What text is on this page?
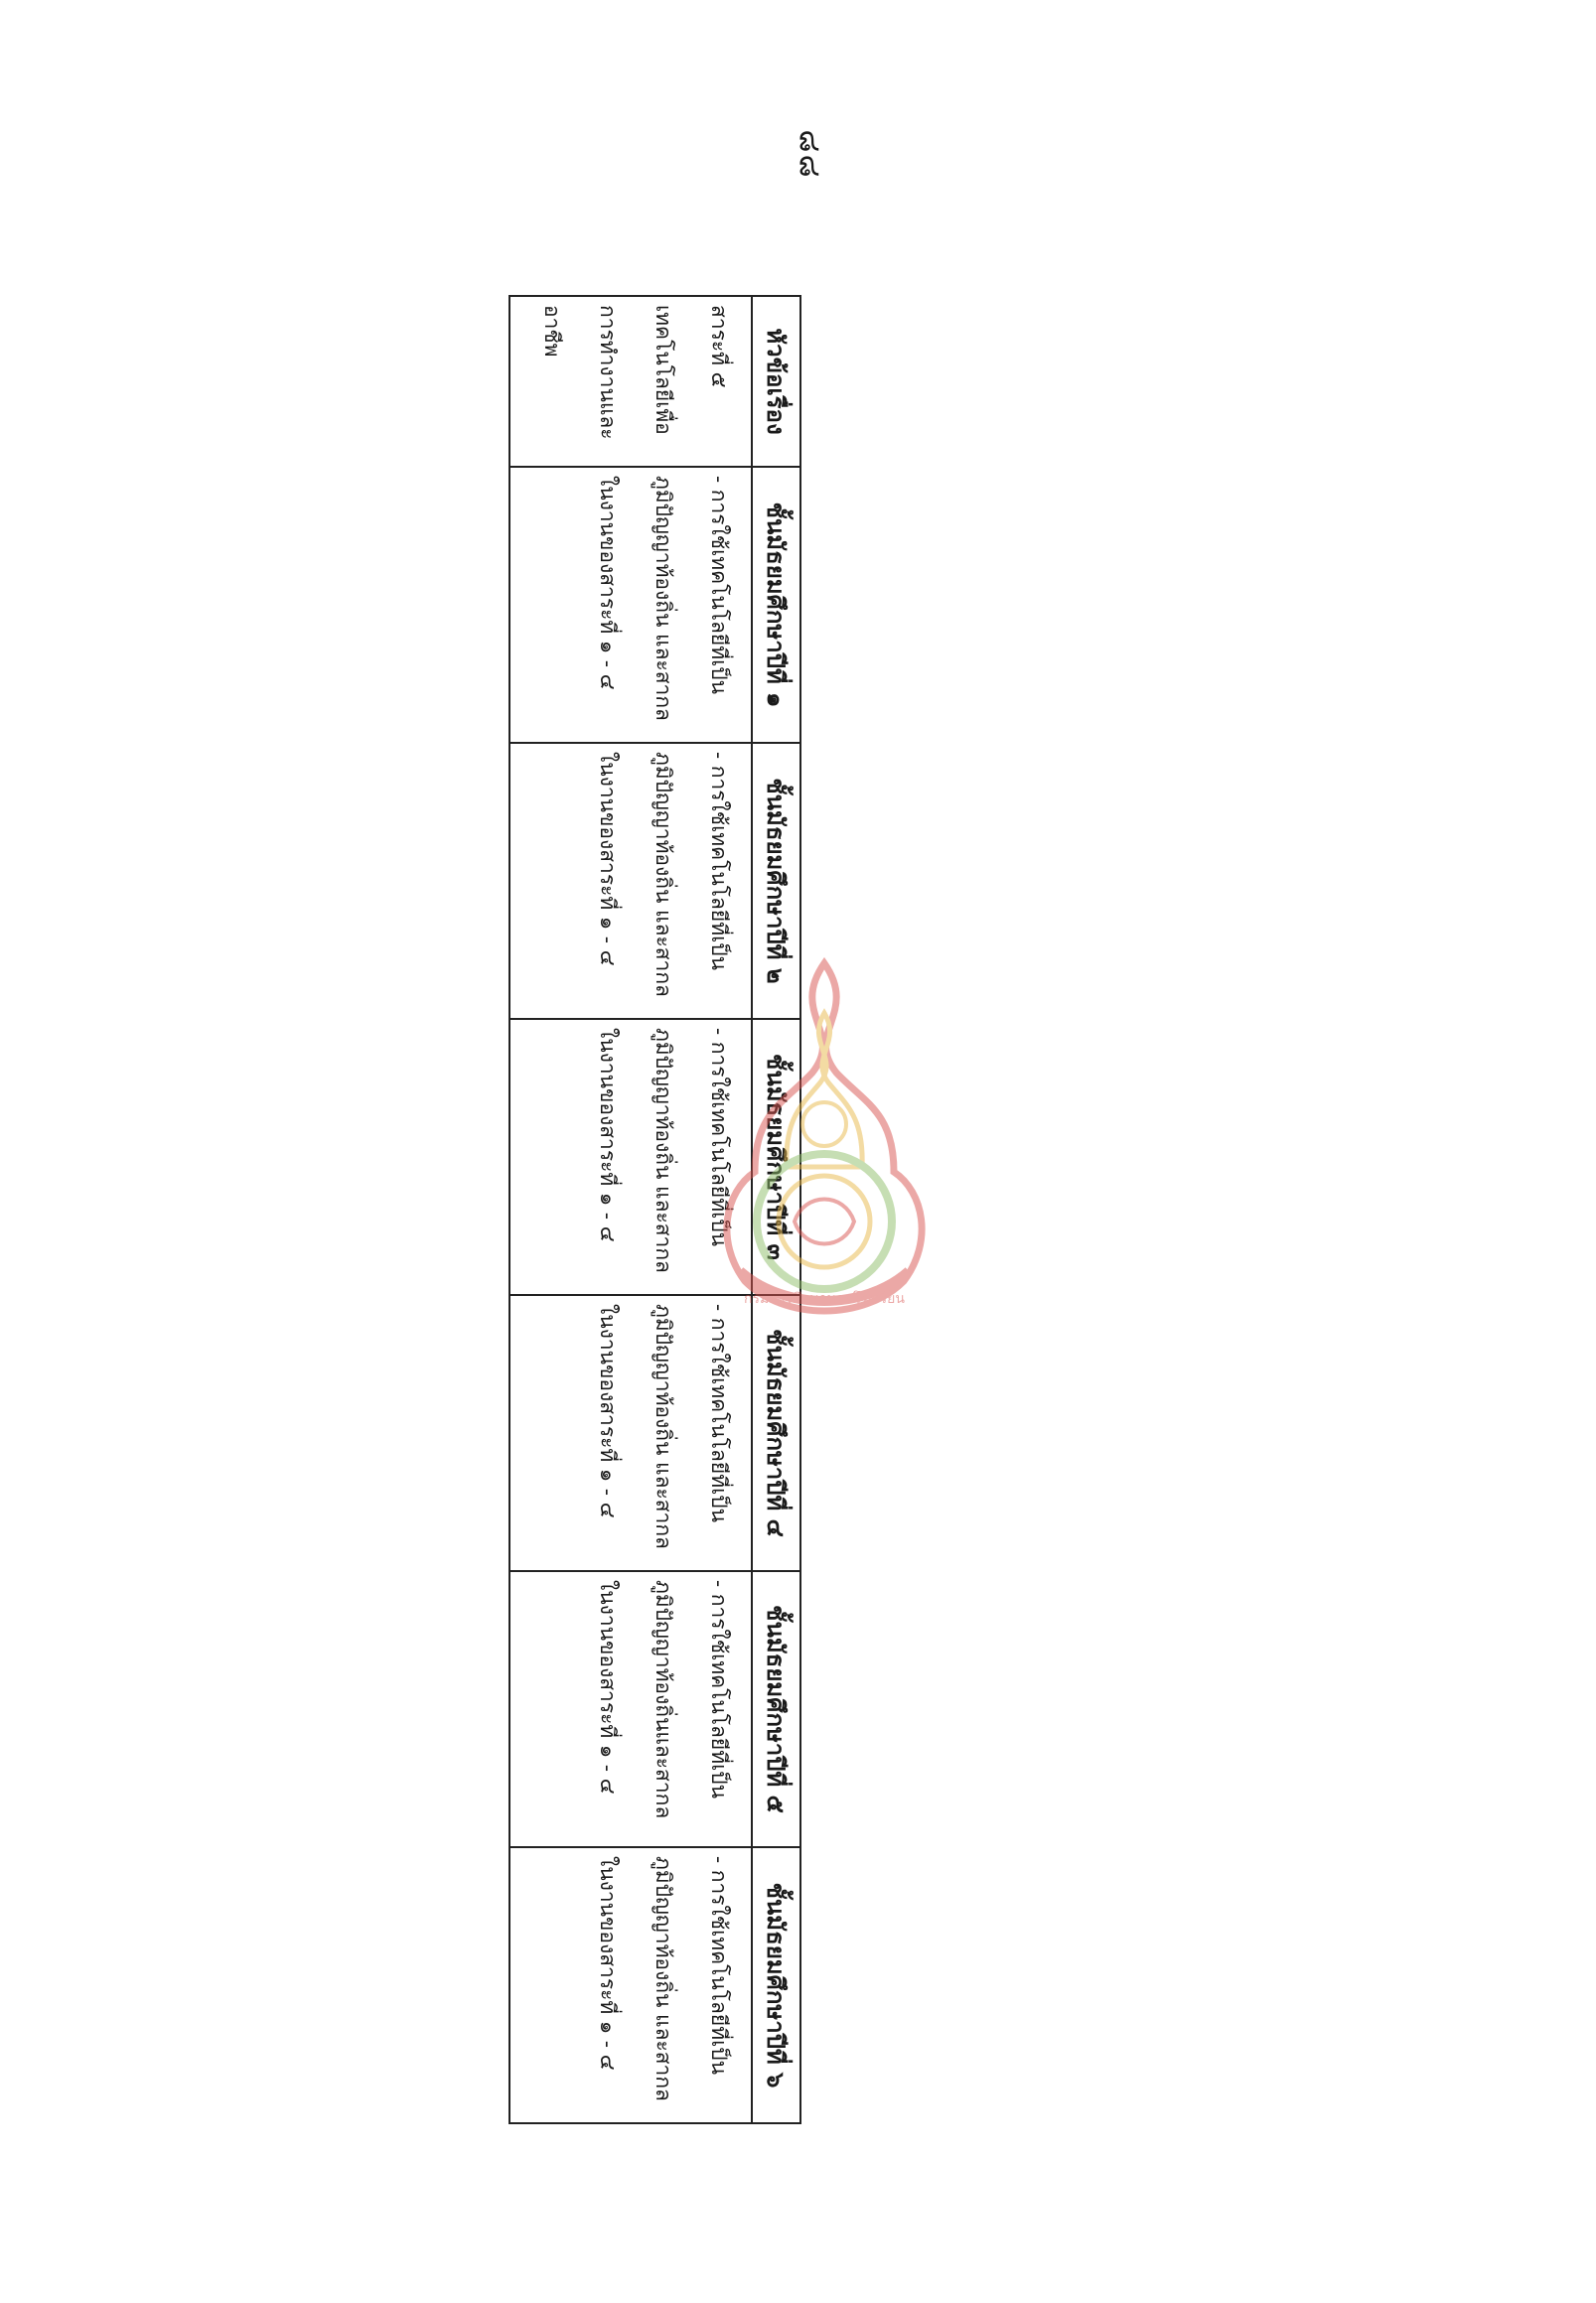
๘๘
หัวข้อเรื่อง	ชั้นมัธยมศึกษาปีที่ ๑	ชั้นมัธยมศึกษาปีที่ ๒	ชั้นมัธยมศึกษาปีที่ ๓	ชั้นมัธยมศึกษาปีที่ ๔	ชั้นมัธยมศึกษาปีที่ ๕	ชั้นมัธยมศึกษาปีที่ ๖
สาระที่ ๕ เทคโนโลยีเพื่อการทำงานและอาชีพ	- การใช้เทคโนโลยีที่เป็นภูมิปัญญาท้องถิ่น และสากล ในงานของสาระที่ ๑ - ๔	- การใช้เทคโนโลยีที่เป็นภูมิปัญญาท้องถิ่น และสากล ในงานของสาระที่ ๑ - ๔	- การใช้เทคโนโลยีที่เป็นภูมิปัญญาท้องถิ่น และสากล ในงานของสาระที่ ๑ - ๔	- การใช้เทคโนโลยีที่เป็นภูมิปัญญาท้องถิ่น และสากลในงานของสาระที่ ๑ - ๔	- การใช้เทคโนโลยีที่เป็นภูมิปัญญาท้องถิ่นและสากล ในงานของสาระที่ ๑ - ๔	- การใช้เทคโนโลยีที่เป็นภูมิปัญญาท้องถิ่น และสากลในงานของสาระที่ ๑ - ๔
กรมการศึกษานอกโรงเรียน
